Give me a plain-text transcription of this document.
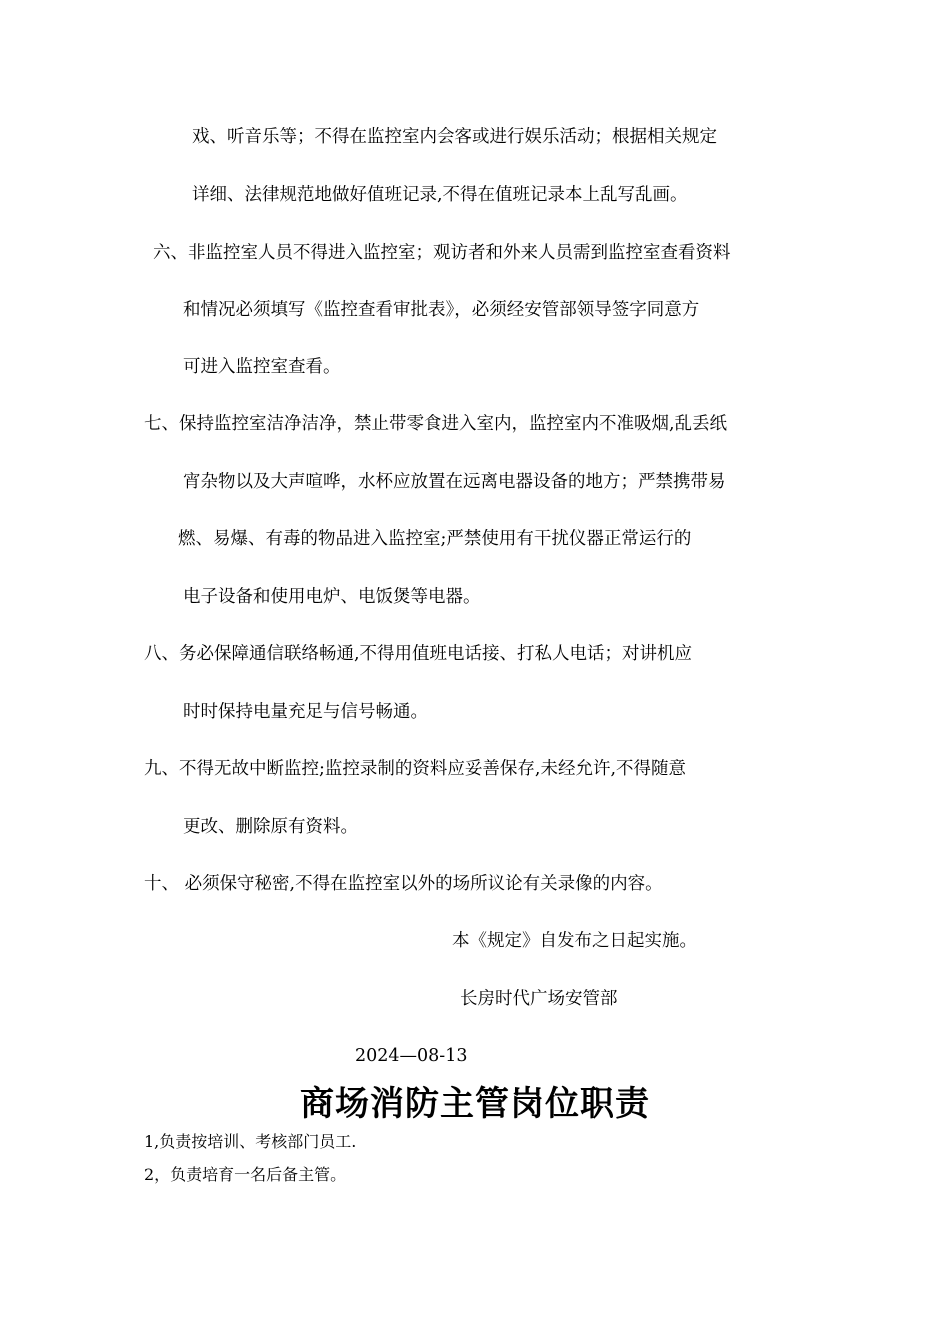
戏、听音乐等；不得在监控室内会客或进行娱乐活动；根据相关规定
详细、法律规范地做好值班记录,不得在值班记录本上乱写乱画。
六、非监控室人员不得进入监控室；观访者和外来人员需到监控室查看资料
和情况必须填写《监控查看审批表》，必须经安管部领导签字同意方
可进入监控室查看。
七、保持监控室洁净洁净，禁止带零食进入室内，监控室内不准吸烟,乱丢纸
宵杂物以及大声喧哗，水杯应放置在远离电器设备的地方；严禁携带易
燃、易爆、有毒的物品进入监控室;严禁使用有干扰仪器正常运行的
电子设备和使用电炉、电饭煲等电器。
八、务必保障通信联络畅通,不得用值班电话接、打私人电话；对讲机应
时时保持电量充足与信号畅通。
九、不得无故中断监控;监控录制的资料应妥善保存,未经允许,不得随意
更改、删除原有资料。
十、 必须保守秘密,不得在监控室以外的场所议论有关录像的内容。
本《规定》自发布之日起实施。
长房时代广场安管部
2024—08-13
商场消防主管岗位职责
1,负责按培训、考核部门员工.
2，负责培育一名后备主管。
